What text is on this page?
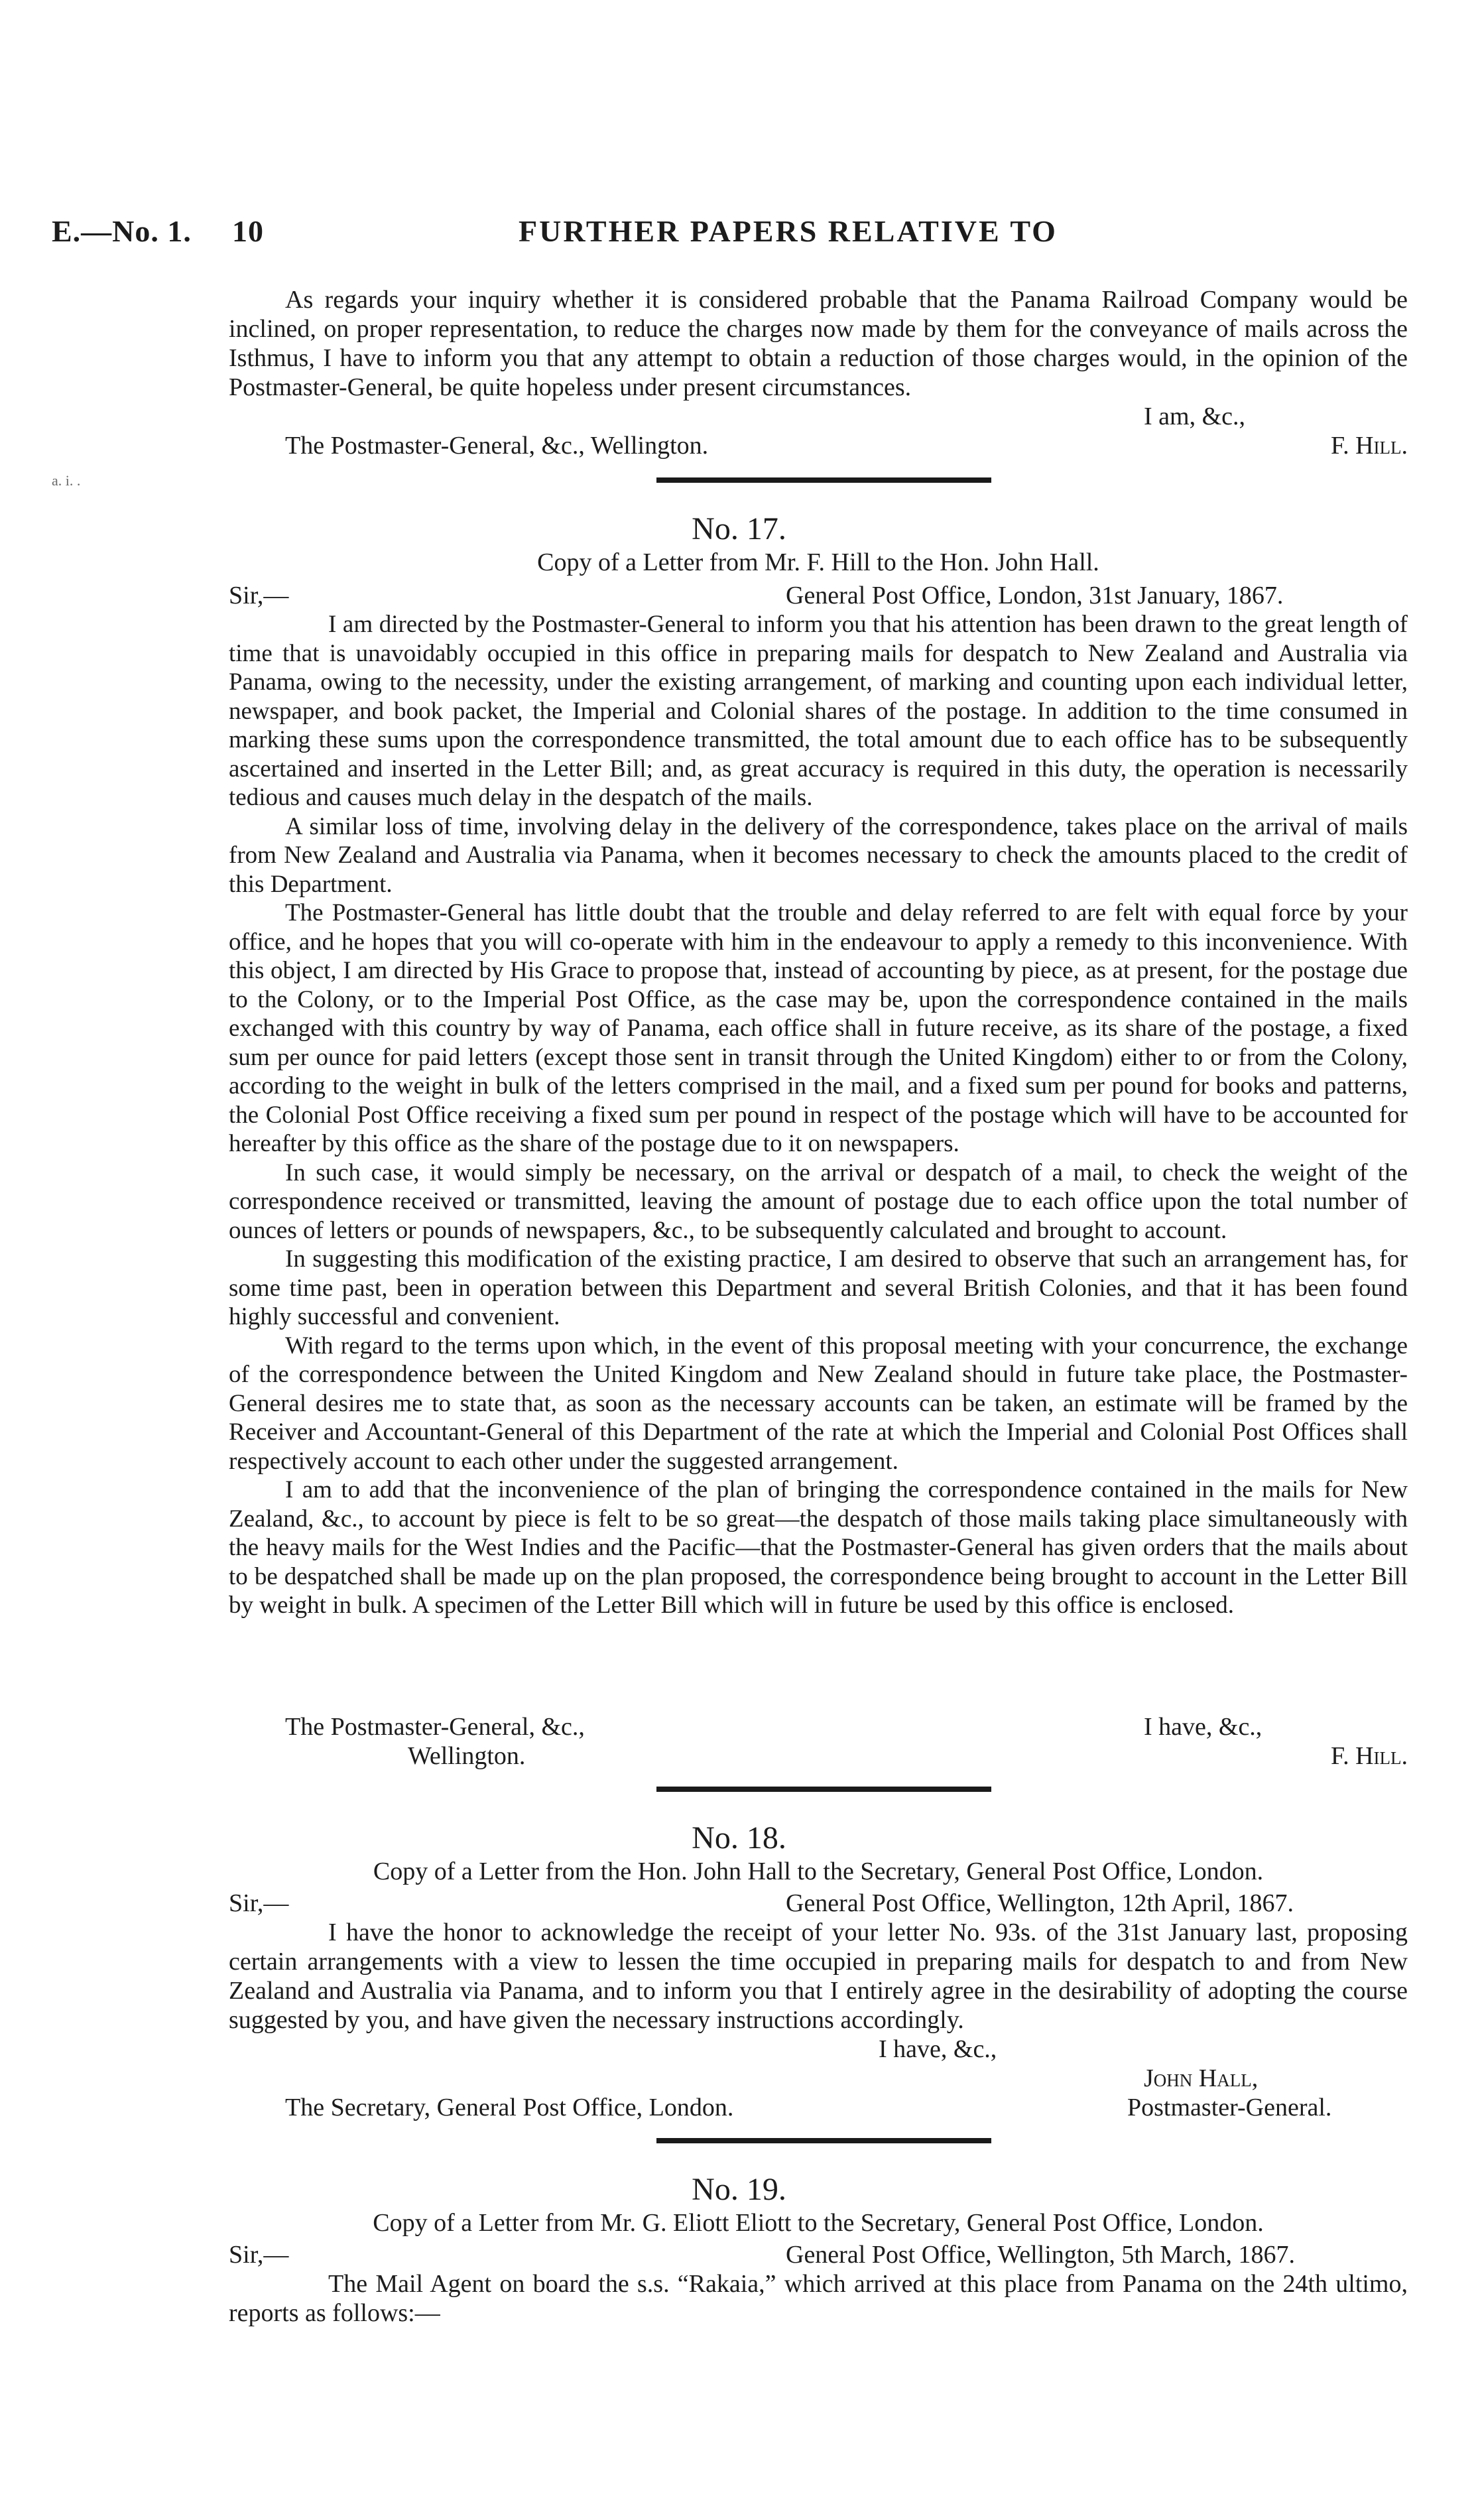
E.—No. 1. 10	FURTHER PAPERS RELATIVE TO
a. i. .

As regards your inquiry whether it is considered probable that the Panama Railroad Company would be inclined, on proper representation, to reduce the charges now made by them for the conveyance of mails across the Isthmus, I have to inform you that any attempt to obtain a reduction of those charges would, in the opinion of the Postmaster-General, be quite hopeless under present circumstances.

I am, &c.,
The Postmaster-General, &c., Wellington.	F. Hill.
No. 17.
Copy of a Letter from Mr. F. Hill to the Hon. John Hall.
Sir,—	General Post Office, London, 31st January, 1867.

I am directed by the Postmaster-General to inform you that his attention has been drawn to the great length of time that is unavoidably occupied in this office in preparing mails for despatch to New Zealand and Australia via Panama, owing to the necessity, under the existing arrangement, of marking and counting upon each individual letter, newspaper, and book packet, the Imperial and Colonial shares of the postage. In addition to the time consumed in marking these sums upon the correspondence transmitted, the total amount due to each office has to be subsequently ascertained and inserted in the Letter Bill; and, as great accuracy is required in this duty, the operation is necessarily tedious and causes much delay in the despatch of the mails.

A similar loss of time, involving delay in the delivery of the correspondence, takes place on the arrival of mails from New Zealand and Australia via Panama, when it becomes necessary to check the amounts placed to the credit of this Department.

The Postmaster-General has little doubt that the trouble and delay referred to are felt with equal force by your office, and he hopes that you will co-operate with him in the endeavour to apply a remedy to this inconvenience. With this object, I am directed by His Grace to propose that, instead of accounting by piece, as at present, for the postage due to the Colony, or to the Imperial Post Office, as the case may be, upon the correspondence contained in the mails exchanged with this country by way of Panama, each office shall in future receive, as its share of the postage, a fixed sum per ounce for paid letters (except those sent in transit through the United Kingdom) either to or from the Colony, according to the weight in bulk of the letters comprised in the mail, and a fixed sum per pound for books and patterns, the Colonial Post Office receiving a fixed sum per pound in respect of the postage which will have to be accounted for hereafter by this office as the share of the postage due to it on newspapers.

In such case, it would simply be necessary, on the arrival or despatch of a mail, to check the weight of the correspondence received or transmitted, leaving the amount of postage due to each office upon the total number of ounces of letters or pounds of newspapers, &c., to be subsequently calculated and brought to account.

In suggesting this modification of the existing practice, I am desired to observe that such an arrangement has, for some time past, been in operation between this Department and several British Colonies, and that it has been found highly successful and convenient.

With regard to the terms upon which, in the event of this proposal meeting with your concurrence, the exchange of the correspondence between the United Kingdom and New Zealand should in future take place, the Postmaster-General desires me to state that, as soon as the necessary accounts can be taken, an estimate will be framed by the Receiver and Accountant-General of this Department of the rate at which the Imperial and Colonial Post Offices shall respectively account to each other under the suggested arrangement.

I am to add that the inconvenience of the plan of bringing the correspondence contained in the mails for New Zealand, &c., to account by piece is felt to be so great—the despatch of those mails taking place simultaneously with the heavy mails for the West Indies and the Pacific—that the Postmaster-General has given orders that the mails about to be despatched shall be made up on the plan proposed, the correspondence being brought to account in the Letter Bill by weight in bulk. A specimen of the Letter Bill which will in future be used by this office is enclosed.

The Postmaster-General, &c.,	I have, &c.,
Wellington.	F. Hill.
No. 18.
Copy of a Letter from the Hon. John Hall to the Secretary, General Post Office, London.
Sir,—	General Post Office, Wellington, 12th April, 1867.

I have the honor to acknowledge the receipt of your letter No. 93s. of the 31st January last, proposing certain arrangements with a view to lessen the time occupied in preparing mails for despatch to and from New Zealand and Australia via Panama, and to inform you that I entirely agree in the desirability of adopting the course suggested by you, and have given the necessary instructions accordingly.

I have, &c.,
John Hall,
The Secretary, General Post Office, London.	Postmaster-General.
No. 19.
Copy of a Letter from Mr. G. Eliott Eliott to the Secretary, General Post Office, London.
Sir,—	General Post Office, Wellington, 5th March, 1867.

The Mail Agent on board the s.s. “Rakaia,” which arrived at this place from Panama on the 24th ultimo, reports as follows:—
